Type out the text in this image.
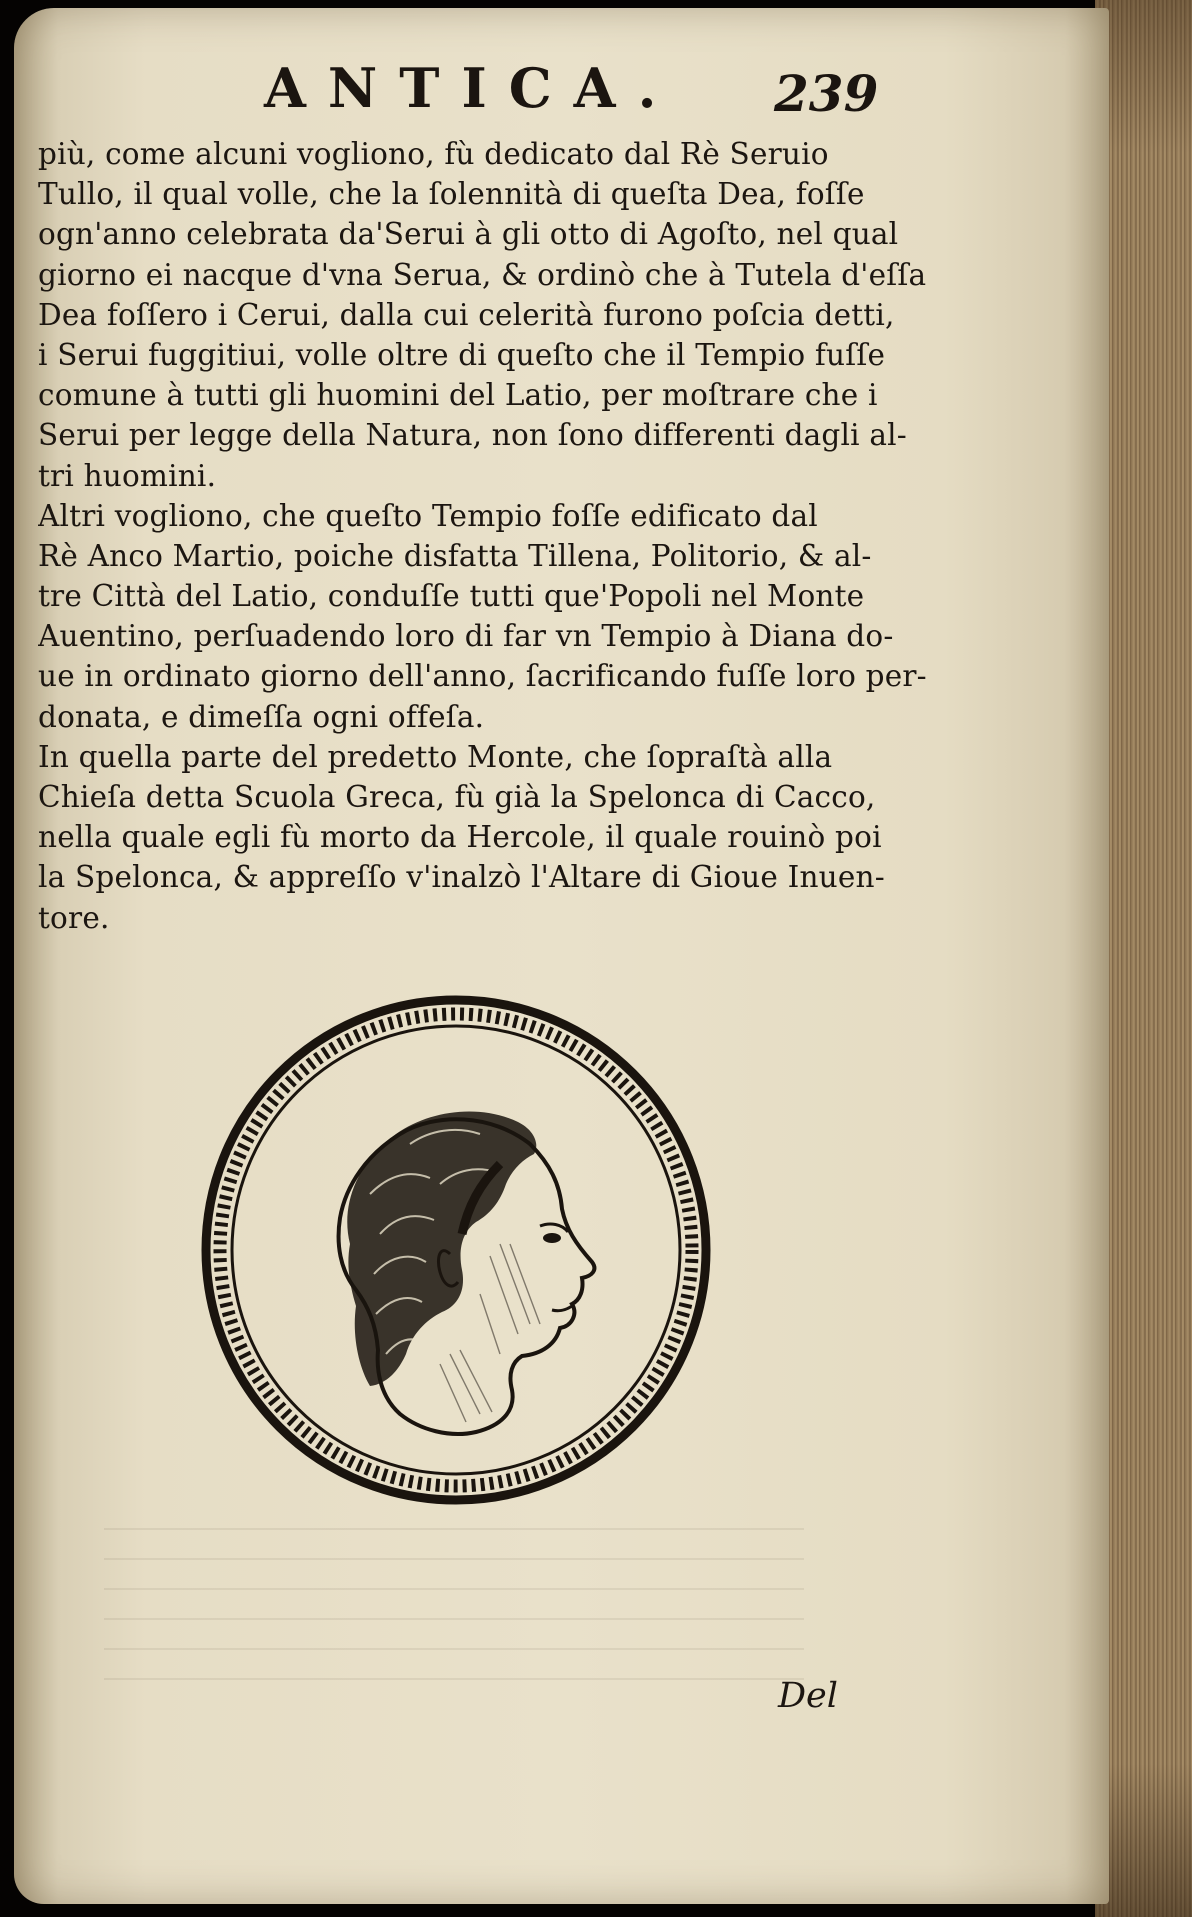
ANTICA. 239
più, come alcuni vogliono, fù dedicato dal Rè Seruio
Tullo, il qual volle, che la ſolennità di queſta Dea, foſſe
ogn'anno celebrata da'Serui à gli otto di Agoſto, nel qual
giorno ei nacque d'vna Serua, & ordinò che à Tutela d'eſſa
Dea foſſero i Cerui, dalla cui celerità furono poſcia detti,
i Serui fuggitiui, volle oltre di queſto che il Tempio fuſſe
comune à tutti gli huomini del Latio, per moſtrare che i
Serui per legge della Natura, non ſono differenti dagli al-
tri huomini.
Altri vogliono, che queſto Tempio foſſe edificato dal
Rè Anco Martio, poiche disfatta Tillena, Politorio, & al-
tre Città del Latio, conduſſe tutti que'Popoli nel Monte
Auentino, perſuadendo loro di far vn Tempio à Diana do-
ue in ordinato giorno dell'anno, ſacrificando fuſſe loro per-
donata, e dimeſſa ogni offeſa.
In quella parte del predetto Monte, che ſopraſtà alla
Chieſa detta Scuola Greca, fù già la Spelonca di Cacco,
nella quale egli fù morto da Hercole, il quale rouinò poi
la Spelonca, & appreſſo v'inalzò l'Altare di Gioue Inuen-
tore.
Del
